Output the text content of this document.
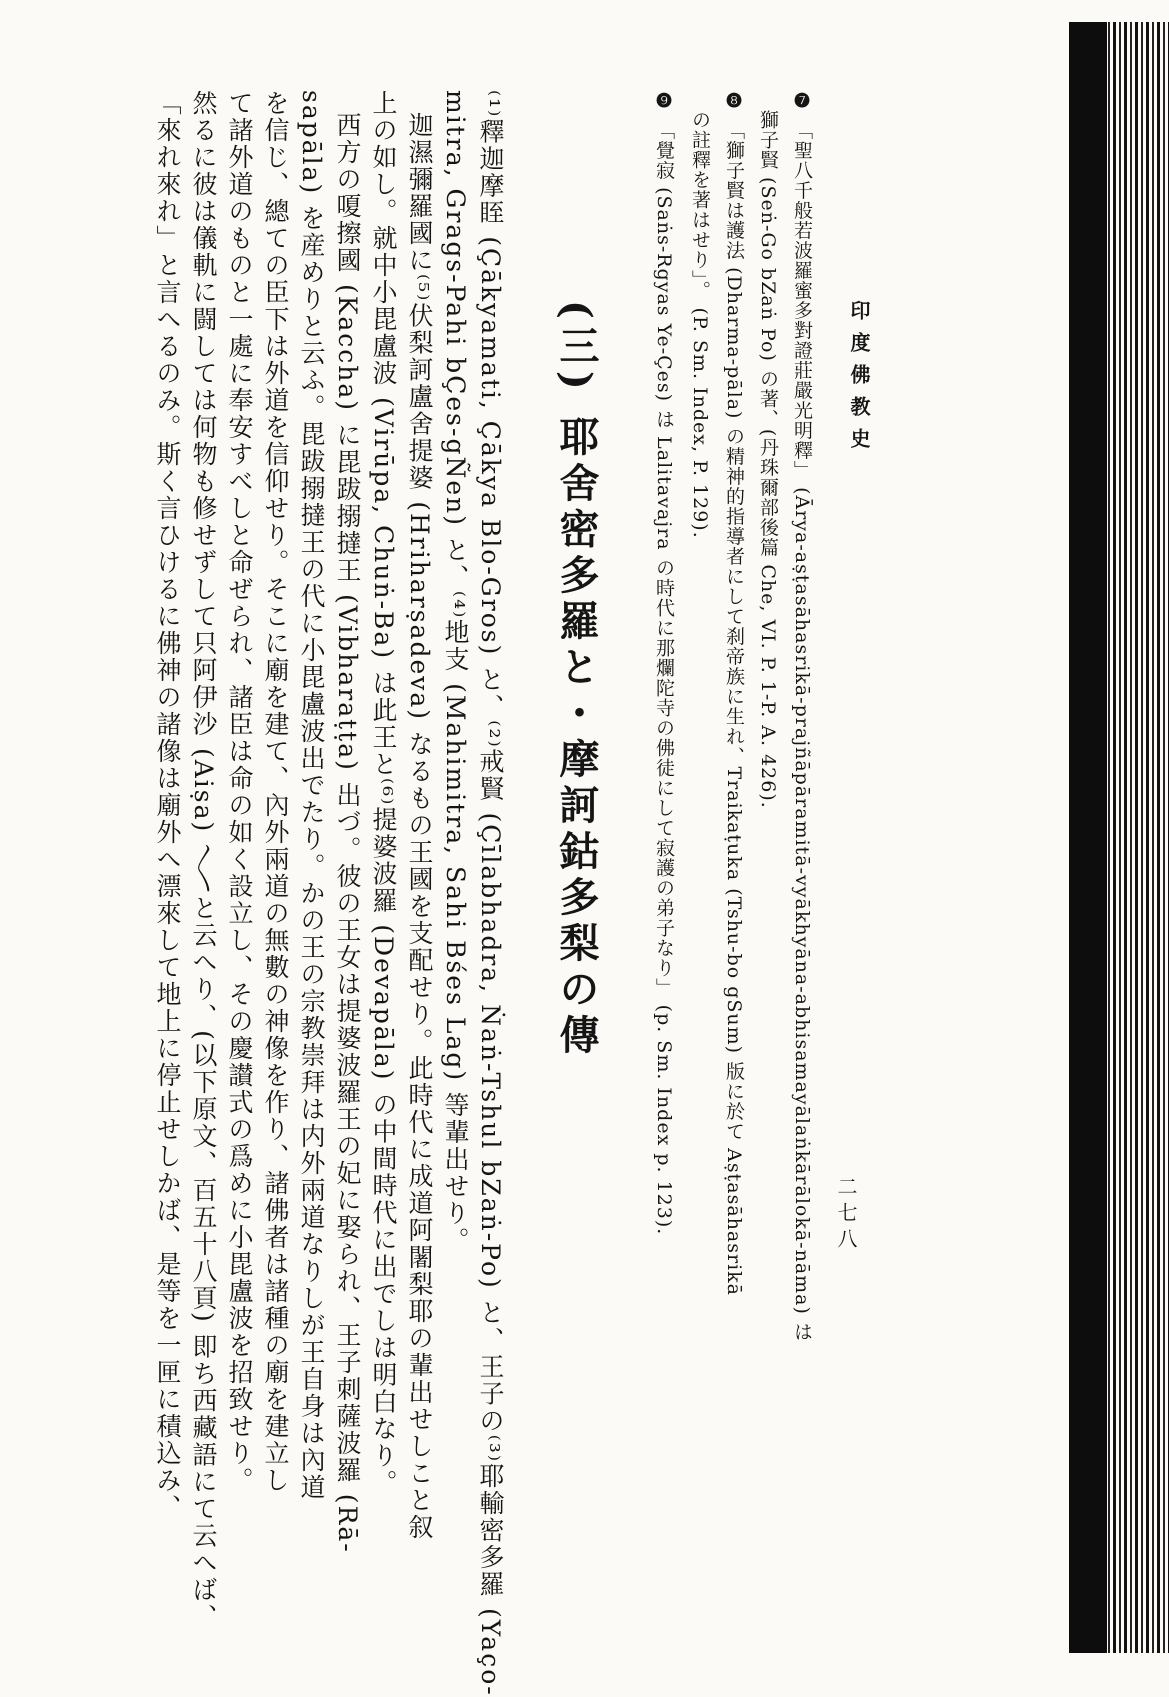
印度佛教史
二七八
❼ 「聖八千般若波羅蜜多對證莊嚴光明釋」 (Ārya-aṣṭasāhasrikā-prajñāpāramitā-vyākhyāna-abhisamayālaṅkārālokā-nāma) は
獅子賢 (Seṅ-Go bZaṅ Po) の著、(丹珠爾部後篇 Che, VI. P. 1-P. A. 426).
❽ 「獅子賢は護法 (Dharma-pāla) の精神的指導者にして刹帝族に生れ、Traikaṭuka (Tshu-bo gSum) 版に於て Aṣṭasāhasrikā
の註釋を著はせり」。 (P. Sm. Index, P. 129).
❾ 「覺寂 (Saṅs-Rgyas Ye-Çes) は Lalitavajra の時代に那爛陀寺の佛徒にして寂護の弟子なり」 (p. Sm. Index p. 123).
(三) 耶舍密多羅と・摩訶鈷多梨の傳
⁽¹⁾釋迦摩眰 (Çākyamati, Çākya Blo-Gros) と、⁽²⁾戒賢 (Çīlabhadra, Ṅaṅ-Tshul bZaṅ-Po) と、王子の⁽³⁾耶輸密多羅 (Yaço-
mitra, Grags-Pahi bÇes-gÑen) と、⁽⁴⁾地支 (Mahimitra, Sahi Bśes Lag) 等輩出せり。
迦濕彌羅國に⁽⁵⁾伏梨訶盧舍提婆 (Hriharṣadeva) なるもの王國を支配せり。此時代に成道阿闍梨耶の輩出せしこと叙
上の如し。就中小毘盧波 (Virūpa, Chuṅ-Ba) は此王と⁽⁶⁾提婆波羅 (Devapāla) の中間時代に出でしは明白なり。
西方の嗄擦國 (Kaccha) に毘跋搦撻王 (Vibharaṭṭa) 出づ。彼の王女は提婆波羅王の妃に娶られ、王子刺薩波羅 (Rā-
sapāla) を産めりと云ふ。毘跋搦撻王の代に小毘盧波出でたり。かの王の宗教崇拜は内外兩道なりしが王自身は內道
を信じ、總ての臣下は外道を信仰せり。そこに廟を建て、內外兩道の無數の神像を作り、諸佛者は諸種の廟を建立し
て諸外道のものと一處に奉安すべしと命ぜられ、諸臣は命の如く設立し、その慶讃式の爲めに小毘盧波を招致せり。
然るに彼は儀軌に闘しては何物も修せずして只阿伊沙 (Aiṣa) 〳〵と云へり、(以下原文、百五十八頁) 即ち西藏語にて云へば、
「來れ來れ」と言へるのみ。斯く言ひけるに佛神の諸像は廟外へ漂來して地上に停止せしかば、是等を一匣に積込み、
